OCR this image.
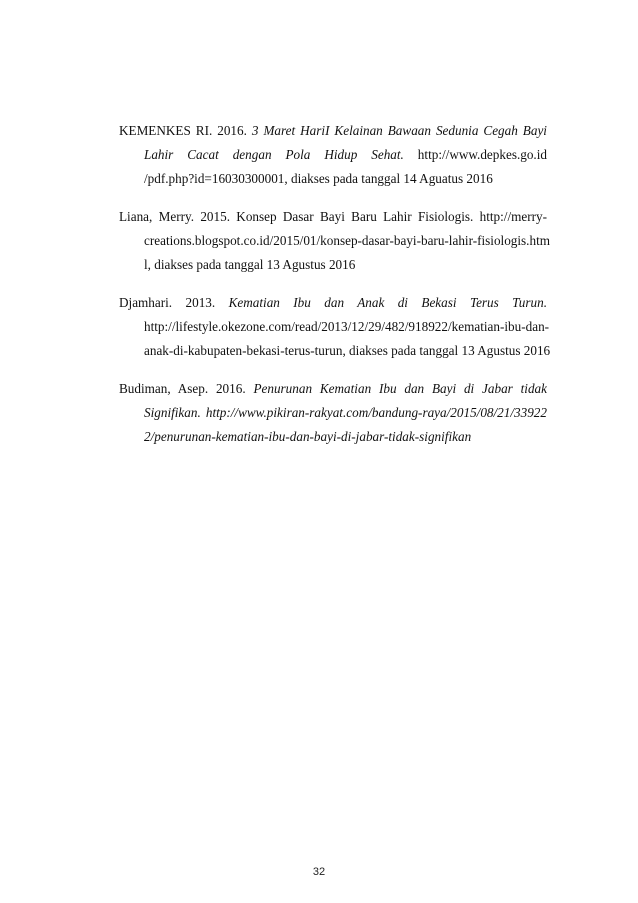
KEMENKES RI. 2016. 3 Maret HariI Kelainan Bawaan Sedunia Cegah Bayi
Lahir Cacat dengan Pola Hidup Sehat. http://www.depkes.go.id
/pdf.php?id=16030300001, diakses pada tanggal 14 Aguatus 2016
Liana, Merry. 2015. Konsep Dasar Bayi Baru Lahir Fisiologis. http://merry-
creations.blogspot.co.id/2015/01/konsep-dasar-bayi-baru-lahir-fisiologis.htm
l, diakses pada tanggal 13 Agustus 2016
Djamhari. 2013. Kematian Ibu dan Anak di Bekasi Terus Turun.
http://lifestyle.okezone.com/read/2013/12/29/482/918922/kematian-ibu-dan-
anak-di-kabupaten-bekasi-terus-turun, diakses pada tanggal 13 Agustus 2016
Budiman, Asep. 2016. Penurunan Kematian Ibu dan Bayi di Jabar tidak
Signifikan. http://www.pikiran-rakyat.com/bandung-raya/2015/08/21/33922
2/penurunan-kematian-ibu-dan-bayi-di-jabar-tidak-signifikan
32
